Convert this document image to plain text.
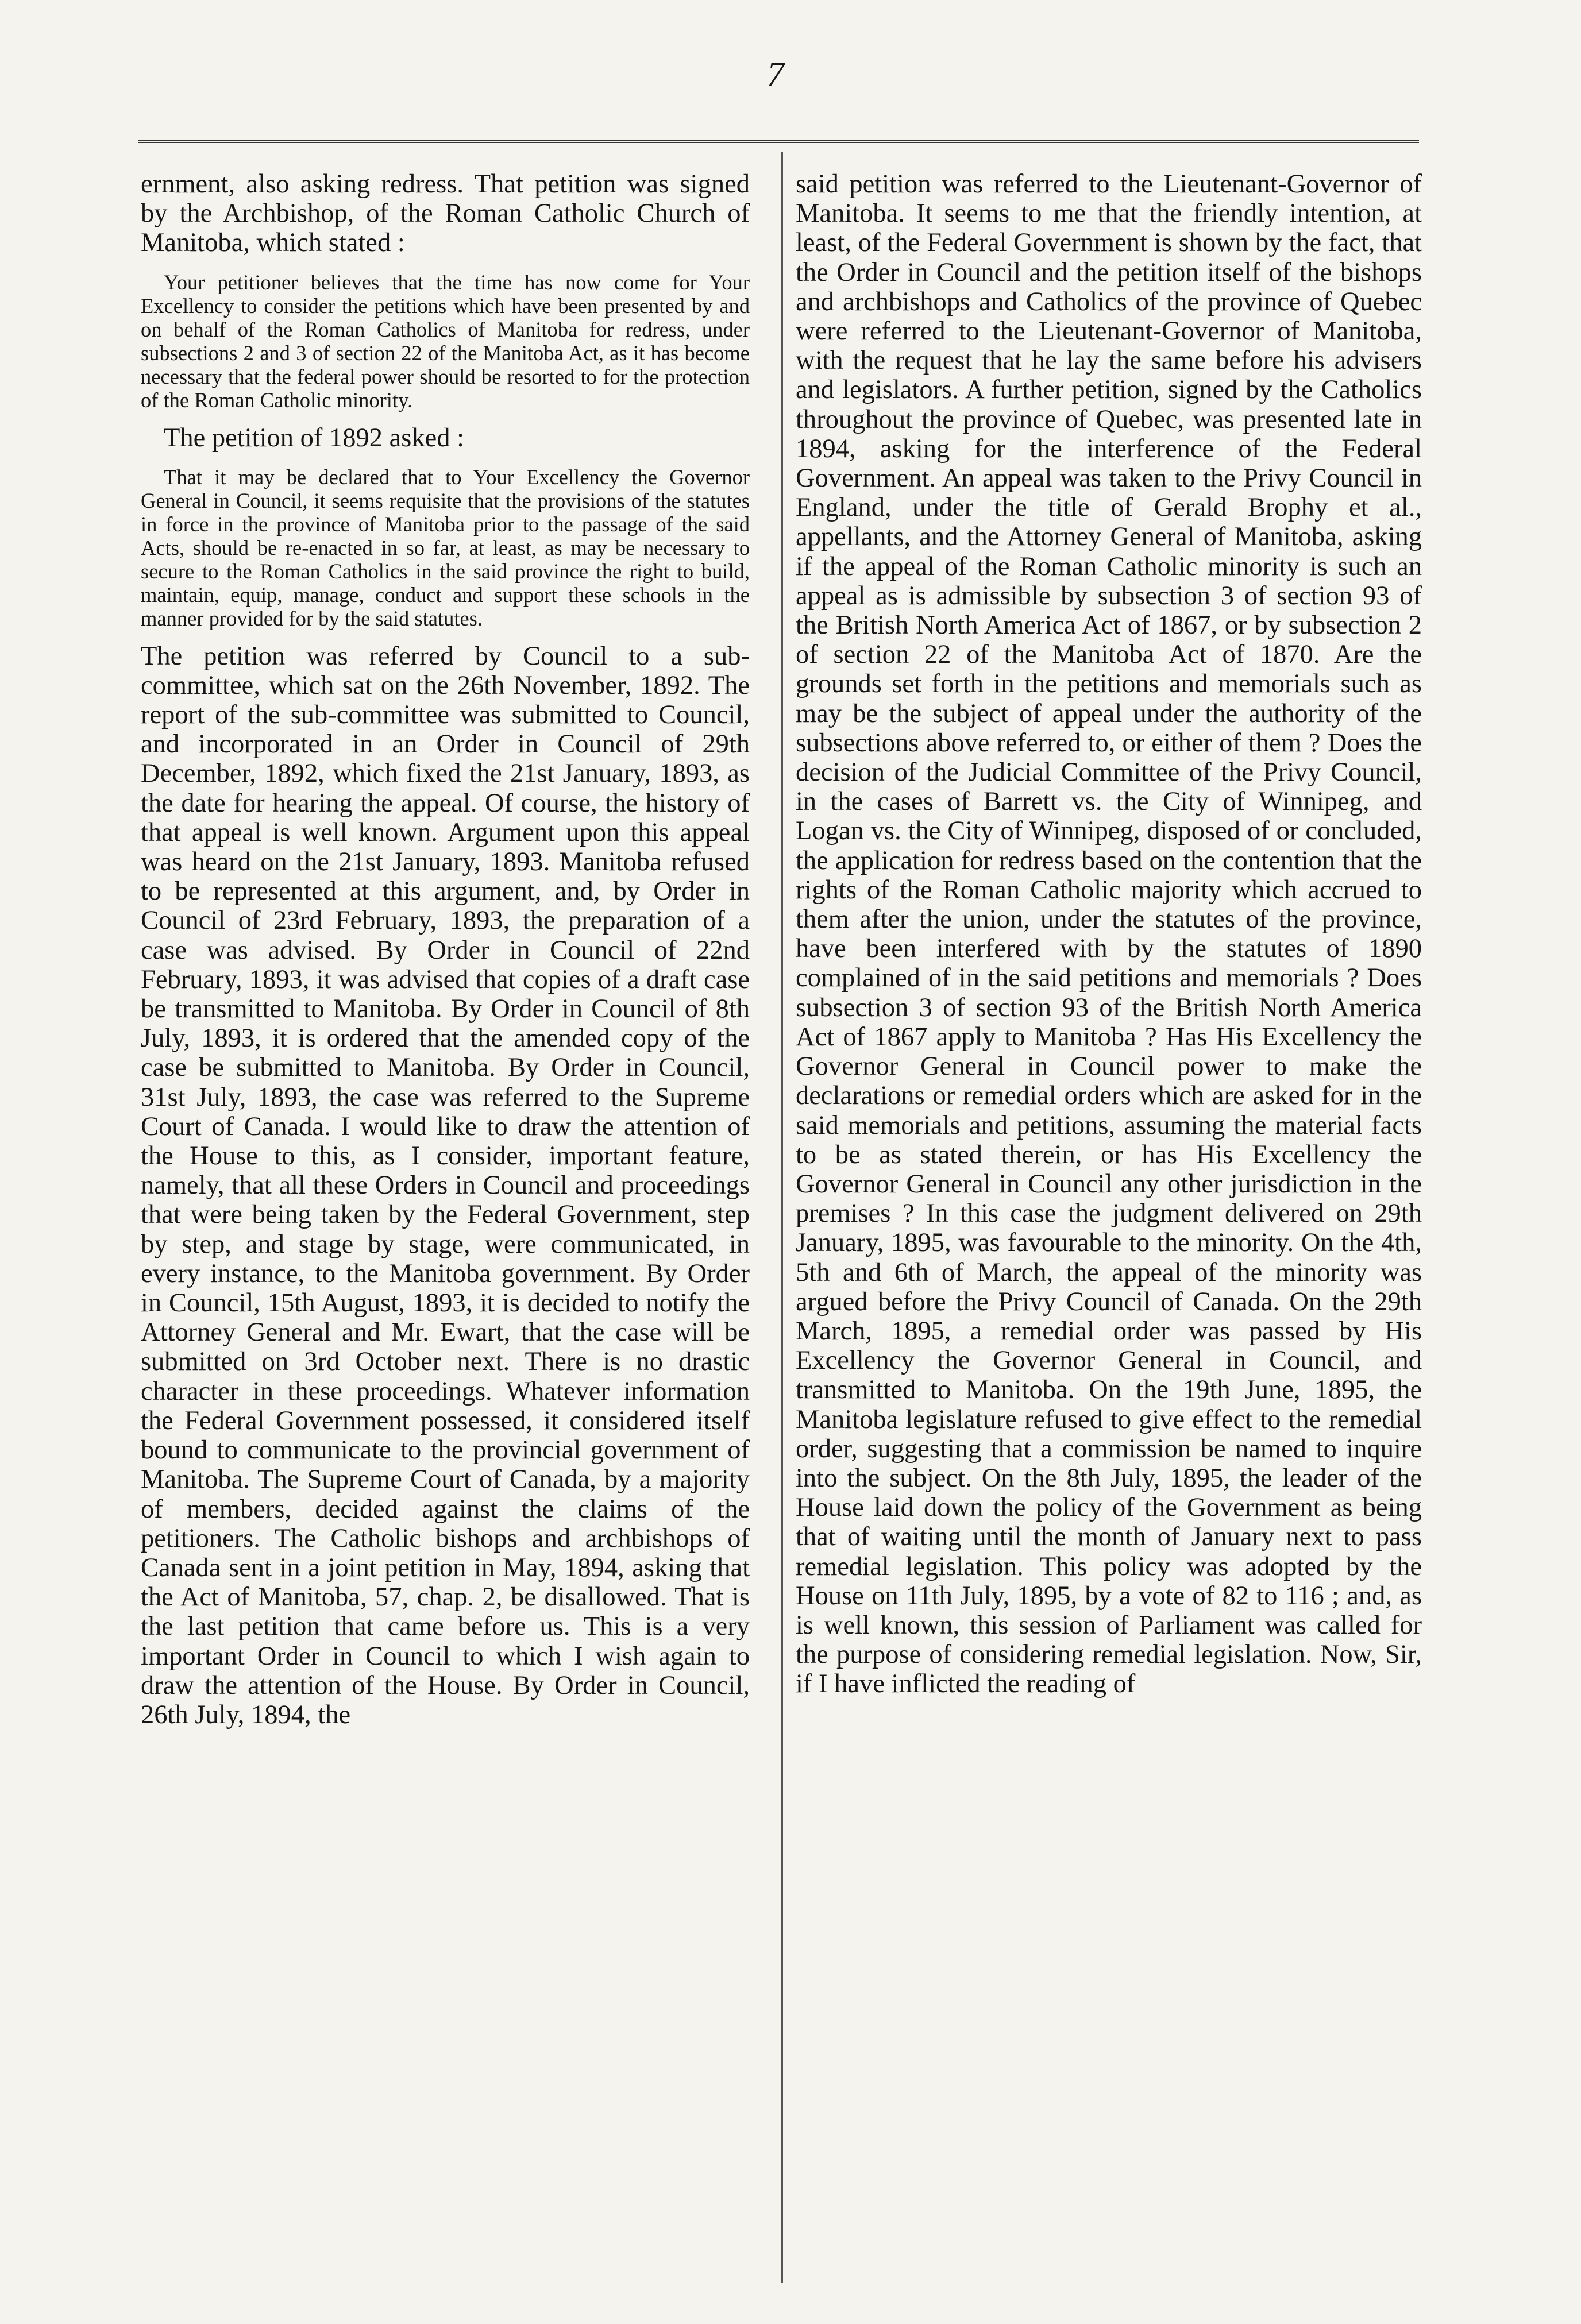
7

ernment, also asking redress. That petition was signed by the Archbishop, of the Roman Catholic Church of Manitoba, which stated :

Your petitioner believes that the time has now come for Your Excellency to consider the petitions which have been presented by and on behalf of the Roman Catholics of Manitoba for redress, under subsections 2 and 3 of section 22 of the Manitoba Act, as it has become necessary that the federal power should be resorted to for the protection of the Roman Catholic minority.

The petition of 1892 asked :

That it may be declared that to Your Excellency the Governor General in Council, it seems requisite that the provisions of the statutes in force in the province of Manitoba prior to the passage of the said Acts, should be re-enacted in so far, at least, as may be necessary to secure to the Roman Catholics in the said province the right to build, maintain, equip, manage, conduct and support these schools in the manner provided for by the said statutes.

The petition was referred by Council to a sub-committee, which sat on the 26th November, 1892. The report of the sub-committee was submitted to Council, and incorporated in an Order in Council of 29th December, 1892, which fixed the 21st January, 1893, as the date for hearing the appeal. Of course, the history of that appeal is well known. Argument upon this appeal was heard on the 21st January, 1893. Manitoba refused to be represented at this argument, and, by Order in Council of 23rd February, 1893, the preparation of a case was advised. By Order in Council of 22nd February, 1893, it was advised that copies of a draft case be transmitted to Manitoba. By Order in Council of 8th July, 1893, it is ordered that the amended copy of the case be submitted to Manitoba. By Order in Council, 31st July, 1893, the case was referred to the Supreme Court of Canada. I would like to draw the attention of the House to this, as I consider, important feature, namely, that all these Orders in Council and proceedings that were being taken by the Federal Government, step by step, and stage by stage, were communicated, in every instance, to the Manitoba government. By Order in Council, 15th August, 1893, it is decided to notify the Attorney General and Mr. Ewart, that the case will be submitted on 3rd October next. There is no drastic character in these proceedings. Whatever information the Federal Government possessed, it considered itself bound to communicate to the provincial government of Manitoba. The Supreme Court of Canada, by a majority of members, decided against the claims of the petitioners. The Catholic bishops and archbishops of Canada sent in a joint petition in May, 1894, asking that the Act of Manitoba, 57, chap. 2, be disallowed. That is the last petition that came before us. This is a very important Order in Council to which I wish again to draw the attention of the House. By Order in Council, 26th July, 1894, the

said petition was referred to the Lieutenant-Governor of Manitoba. It seems to me that the friendly intention, at least, of the Federal Government is shown by the fact, that the Order in Council and the petition itself of the bishops and archbishops and Catholics of the province of Quebec were referred to the Lieutenant-Governor of Manitoba, with the request that he lay the same before his advisers and legislators. A further petition, signed by the Catholics throughout the province of Quebec, was presented late in 1894, asking for the interference of the Federal Government. An appeal was taken to the Privy Council in England, under the title of Gerald Brophy et al., appellants, and the Attorney General of Manitoba, asking if the appeal of the Roman Catholic minority is such an appeal as is admissible by subsection 3 of section 93 of the British North America Act of 1867, or by subsection 2 of section 22 of the Manitoba Act of 1870. Are the grounds set forth in the petitions and memorials such as may be the subject of appeal under the authority of the subsections above referred to, or either of them ? Does the decision of the Judicial Committee of the Privy Council, in the cases of Barrett vs. the City of Winnipeg, and Logan vs. the City of Winnipeg, disposed of or concluded, the application for redress based on the contention that the rights of the Roman Catholic majority which accrued to them after the union, under the statutes of the province, have been interfered with by the statutes of 1890 complained of in the said petitions and memorials ? Does subsection 3 of section 93 of the British North America Act of 1867 apply to Manitoba ? Has His Excellency the Governor General in Council power to make the declarations or remedial orders which are asked for in the said memorials and petitions, assuming the material facts to be as stated therein, or has His Excellency the Governor General in Council any other jurisdiction in the premises ? In this case the judgment delivered on 29th January, 1895, was favourable to the minority. On the 4th, 5th and 6th of March, the appeal of the minority was argued before the Privy Council of Canada. On the 29th March, 1895, a remedial order was passed by His Excellency the Governor General in Council, and transmitted to Manitoba. On the 19th June, 1895, the Manitoba legislature refused to give effect to the remedial order, suggesting that a commission be named to inquire into the subject. On the 8th July, 1895, the leader of the House laid down the policy of the Government as being that of waiting until the month of January next to pass remedial legislation. This policy was adopted by the House on 11th July, 1895, by a vote of 82 to 116 ; and, as is well known, this session of Parliament was called for the purpose of considering remedial legislation. Now, Sir, if I have inflicted the reading of
